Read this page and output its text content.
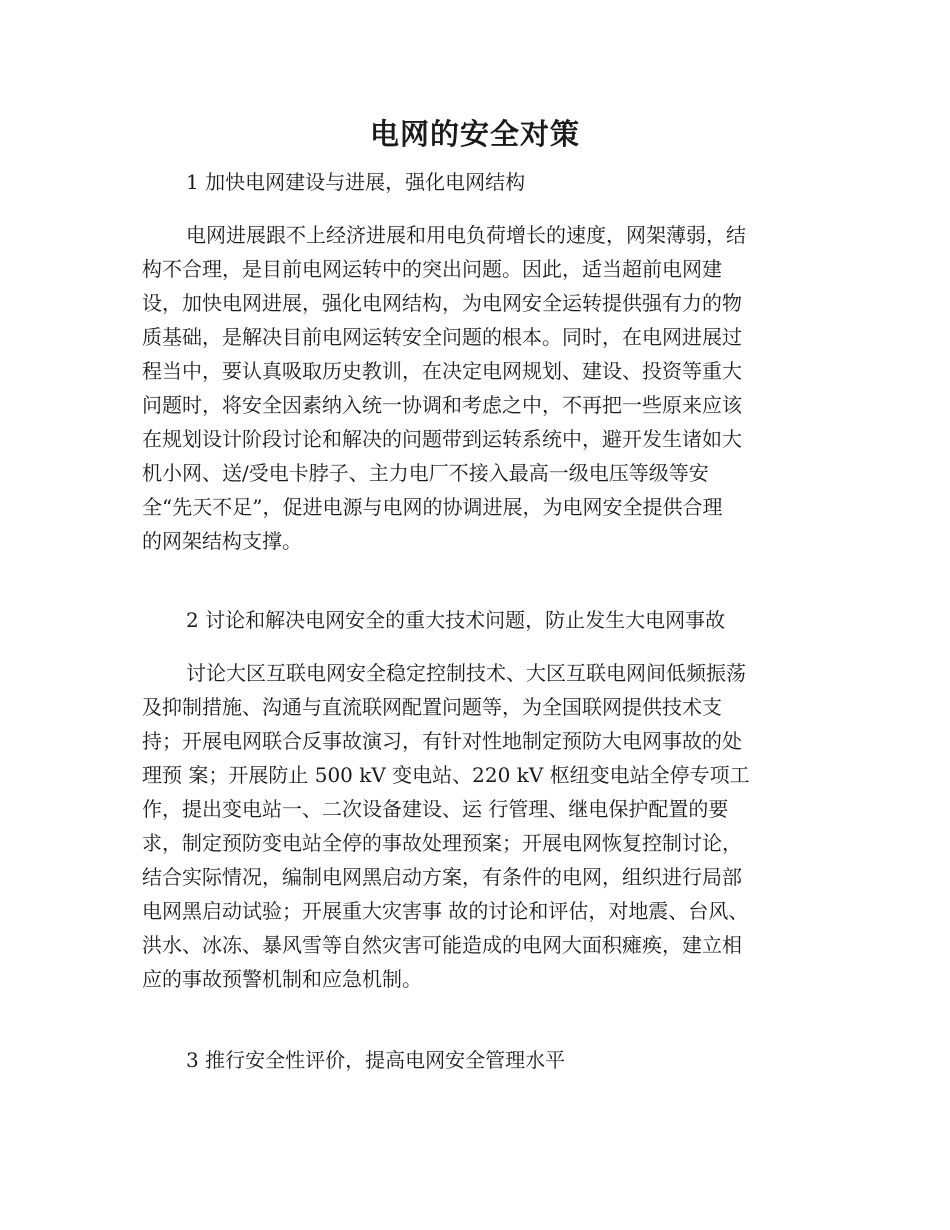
电网的安全对策
1 加快电网建设与进展，强化电网结构
电网进展跟不上经济进展和用电负荷增长的速度，网架薄弱，结
构不合理，是目前电网运转中的突出问题。因此，适当超前电网建
设，加快电网进展，强化电网结构，为电网安全运转提供强有力的物
质基础，是解决目前电网运转安全问题的根本。同时，在电网进展过
程当中，要认真吸取历史教训，在决定电网规划、建设、投资等重大
问题时，将安全因素纳入统一协调和考虑之中，不再把一些原来应该
在规划设计阶段讨论和解决的问题带到运转系统中，避开发生诸如大
机小网、送/受电卡脖子、主力电厂不接入最高一级电压等级等安
全“先天不足”，促进电源与电网的协调进展，为电网安全提供合理
的网架结构支撑。
2 讨论和解决电网安全的重大技术问题，防止发生大电网事故
讨论大区互联电网安全稳定控制技术、大区互联电网间低频振荡
及抑制措施、沟通与直流联网配置问题等，为全国联网提供技术支
持；开展电网联合反事故演习，有针对性地制定预防大电网事故的处
理预 案；开展防止 500 kV 变电站、220 kV 枢纽变电站全停专项工
作，提出变电站一、二次设备建设、运 行管理、继电保护配置的要
求，制定预防变电站全停的事故处理预案；开展电网恢复控制讨论，
结合实际情况，编制电网黑启动方案，有条件的电网，组织进行局部
电网黑启动试验；开展重大灾害事 故的讨论和评估，对地震、台风、
洪水、冰冻、暴风雪等自然灾害可能造成的电网大面积瘫痪，建立相
应的事故预警机制和应急机制。
3 推行安全性评价，提高电网安全管理水平
